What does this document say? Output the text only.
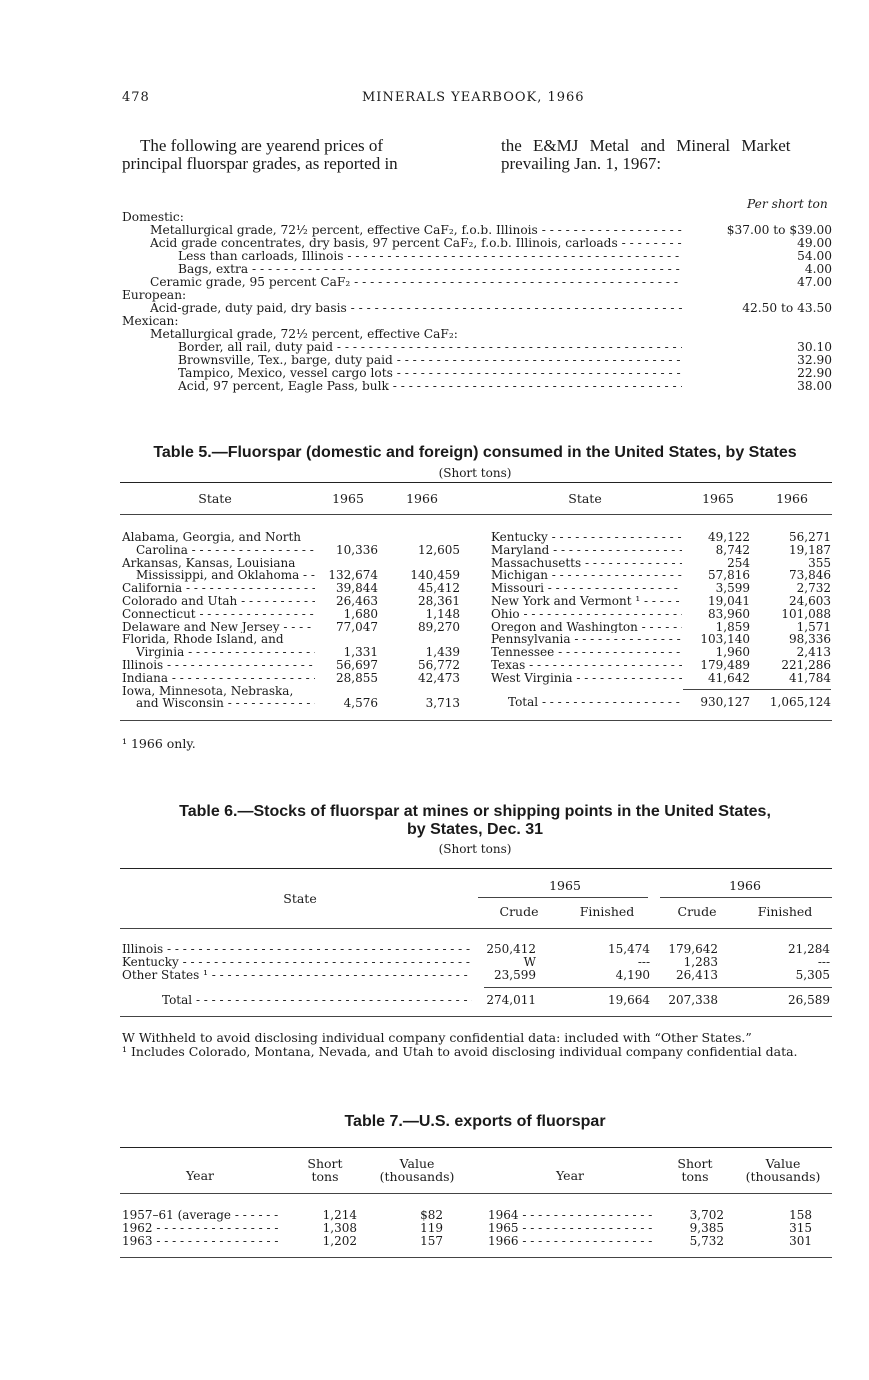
478	MINERALS YEARBOOK, 1966
The following are yearend prices of
principal fluorspar grades, as reported in
the E&MJ Metal and Mineral Market
prevailing Jan. 1, 1967:
Per short ton
Domestic:
Metallurgical grade, 72½ percent, effective CaF₂, f.o.b. Illinois - - -	$37.00 to $39.00
Acid grade concentrates, dry basis, 97 percent CaF₂, f.o.b. Illinois, carloads - - -	49.00
Less than carloads, Illinois - - -	54.00
Bags, extra - - -	4.00
Ceramic grade, 95 percent CaF₂ - - -	47.00
European:
Acid-grade, duty paid, dry basis - - -	42.50 to 43.50
Mexican:
Metallurgical grade, 72½ percent, effective CaF₂:
Border, all rail, duty paid - - -	30.10
Brownsville, Tex., barge, duty paid - - -	32.90
Tampico, Mexico, vessel cargo lots - - -	22.90
Acid, 97 percent, Eagle Pass, bulk - - -	38.00
Table 5.—Fluorspar (domestic and foreign) consumed in the United States, by States
(Short tons)
State	1965	1966	State	1965	1966
Alabama, Georgia, and North
Carolina - - -	10,336	12,605
Arkansas, Kansas, Louisiana
Mississippi, and Oklahoma - - -	132,674	140,459
California - - -	39,844	45,412
Colorado and Utah - - -	26,463	28,361
Connecticut - - -	1,680	1,148
Delaware and New Jersey - - -	77,047	89,270
Florida, Rhode Island, and
Virginia - - -	1,331	1,439
Illinois - - -	56,697	56,772
Indiana - - -	28,855	42,473
Iowa, Minnesota, Nebraska,
and Wisconsin - - -	4,576	3,713
Kentucky - - -	49,122	56,271
Maryland - - -	8,742	19,187
Massachusetts - - -	254	355
Michigan - - -	57,816	73,846
Missouri - - -	3,599	2,732
New York and Vermont ¹ - - -	19,041	24,603
Ohio - - -	83,960	101,088
Oregon and Washington - - -	1,859	1,571
Pennsylvania - - -	103,140	98,336
Tennessee - - -	1,960	2,413
Texas - - -	179,489	221,286
West Virginia - - -	41,642	41,784
Total - - -	930,127	1,065,124
¹ 1966 only.
Table 6.—Stocks of fluorspar at mines or shipping points in the United States,
by States, Dec. 31
(Short tons)
State
1965	1966
Crude	Finished	Crude	Finished
Illinois - - -	250,412	15,474	179,642	21,284
Kentucky - - -	W	---	1,283	---
Other States ¹ - - -	23,599	4,190	26,413	5,305
Total - - -	274,011	19,664	207,338	26,589
W Withheld to avoid disclosing individual company confidential data: included with “Other States.”
¹ Includes Colorado, Montana, Nevada, and Utah to avoid disclosing individual company confidential data.
Table 7.—U.S. exports of fluorspar
Year
Short
tons
Value
(thousands)	Year
Short
tons
Value
(thousands)
1957–61 (average - - -	1,214	$82
1962 - - -	1,308	119
1963 - - -	1,202	157
1964 - - -	3,702	158
1965 - - -	9,385	315
1966 - - -	5,732	301
